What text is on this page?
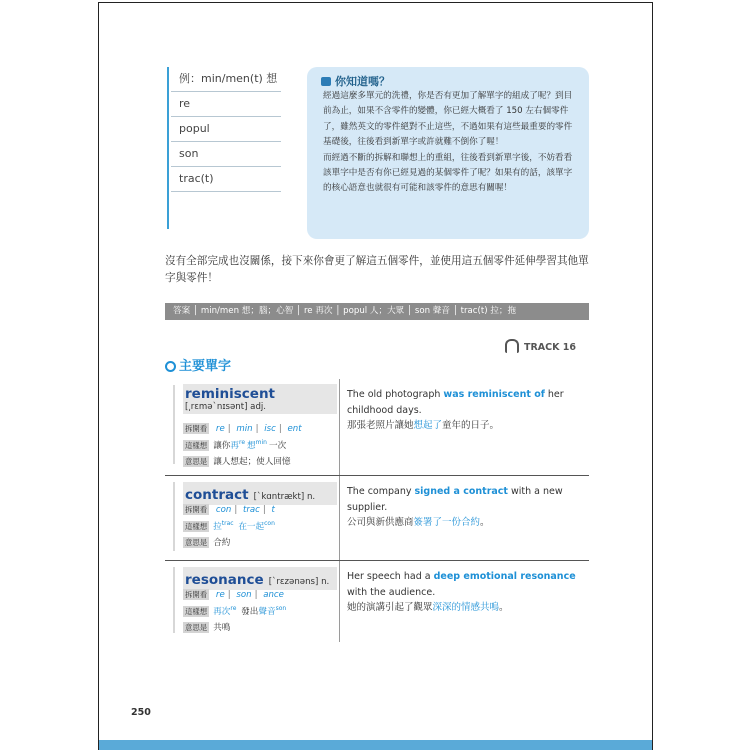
例：min/men(t) 想
re
popul
son
trac(t)
你知道嗎？
經過這麼多單元的洗禮，你是否有更加了解單字的組成了呢？到目前為止，如果不含零件的變體，你已經大概看了 150 左右個零件了，雖然英文的零件絕對不止這些，不過如果有這些最重要的零件基礎後，往後看到新單字或許就難不倒你了喔！
而經過不斷的拆解和聯想上的重組，往後看到新單字後，不妨看看該單字中是否有你已經見過的某個零件了呢？如果有的話，該單字的核心語意也就很有可能和該零件的意思有關喔！
沒有全部完成也沒關係，接下來你會更了解這五個零件，並使用這五個零件延伸學習其他單字與零件！
答案 │ min/men 想；腦；心智 │ re 再次 │ popul 人；大眾 │ son 聲音 │ trac(t) 拉；拖
TRACK 16
主要單字
reminiscent
[͵rɛmə`nɪsənt] adj.
拆開看 re | min | isc | ent
這樣想 讓你再$^{re}$ 想$^{min}$ 一次
意思是 讓人想起；使人回憶
The old photograph was reminiscent of her childhood days.
那張老照片讓她想起了童年的日子。
contract [`kɑntrækt] n.
拆開看 con | trac | t
這樣想 拉$^{trac}$ 在一起$^{con}$
意思是 合約
The company signed a contract with a new supplier.
公司與新供應商簽署了一份合約。
resonance [`rɛzənəns] n.
拆開看 re | son | ance
這樣想 再次$^{re}$ 發出聲音$^{son}$
意思是 共鳴
Her speech had a deep emotional resonance with the audience.
她的演講引起了觀眾深深的情感共鳴。
250
